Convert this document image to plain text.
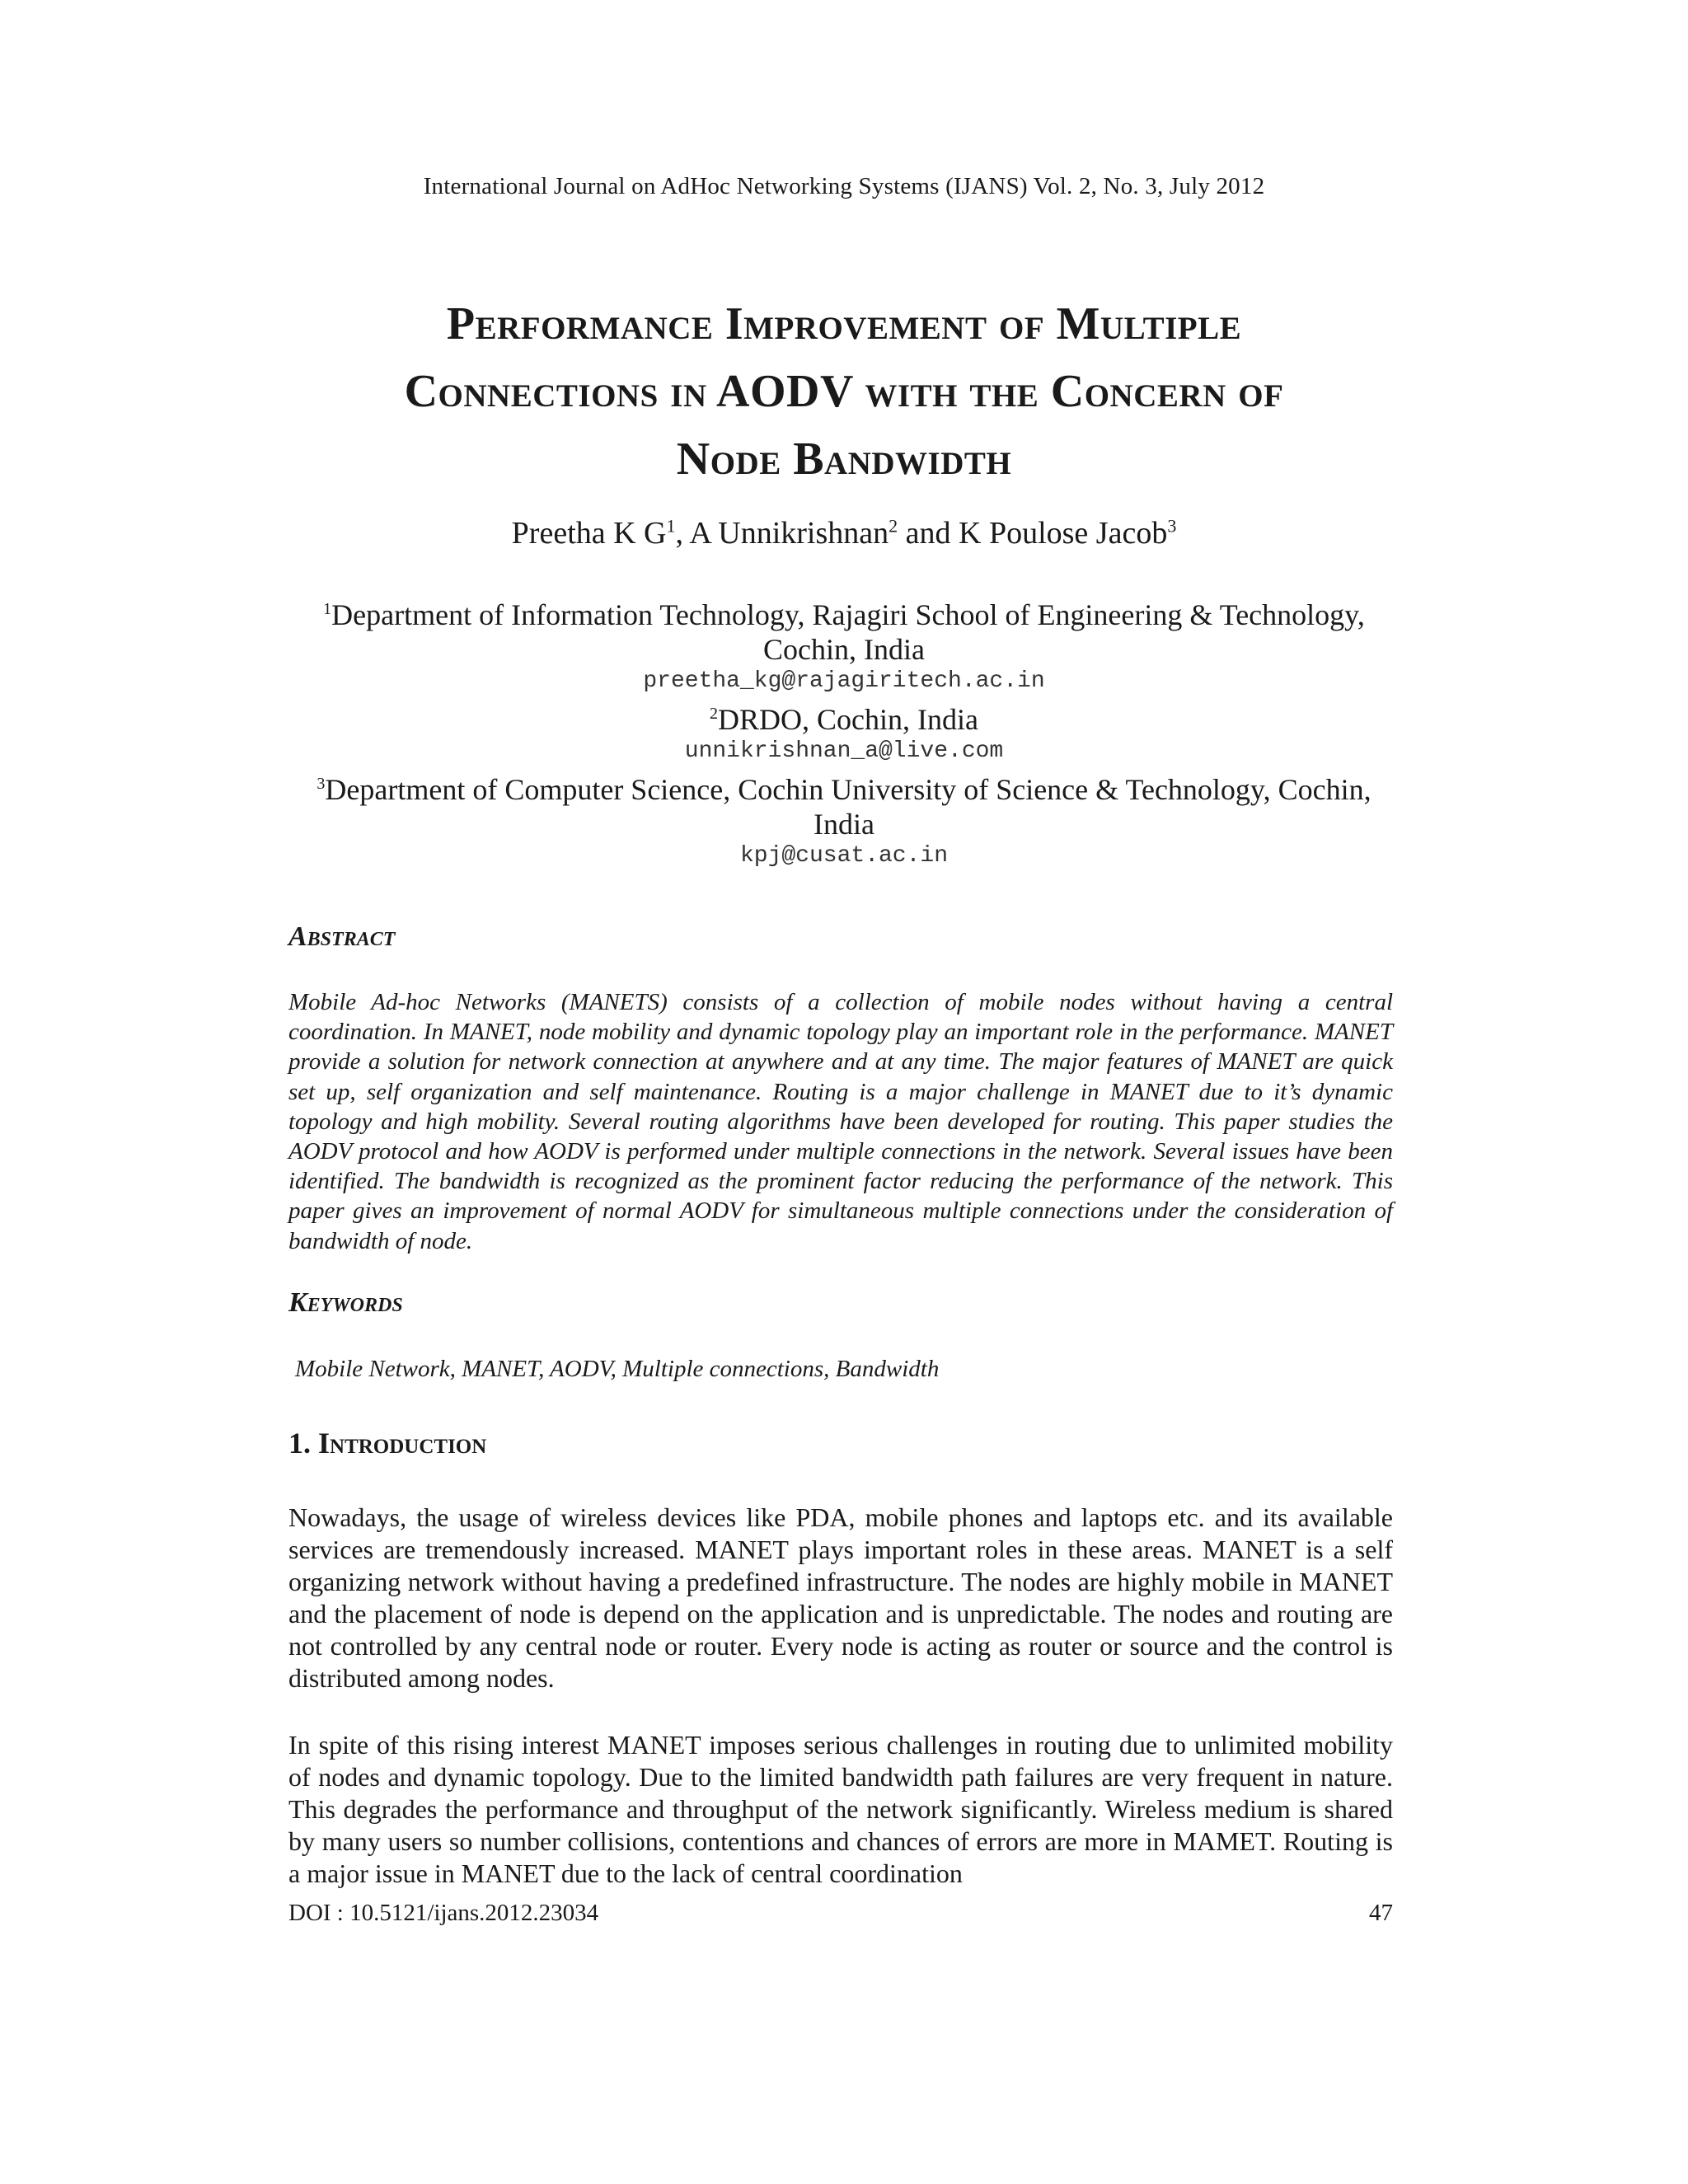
International Journal on AdHoc Networking Systems (IJANS) Vol. 2, No. 3, July 2012
Performance Improvement of Multiple
Connections in AODV with the Concern of
Node Bandwidth
Preetha K $G^1$, A Unnikrishnan$^2$ and K Poulose Jacob$^3$
$^1$Department of Information Technology, Rajagiri School of Engineering & Technology,
Cochin, India
preetha_kg@rajagiritech.ac.in
$^2$DRDO, Cochin, India
unnikrishnan_a@live.com
$^3$Department of Computer Science, Cochin University of Science & Technology, Cochin,
India
kpj@cusat.ac.in
Abstract
Mobile Ad-hoc Networks (MANETS) consists of a collection of mobile nodes without having a central coordination. In MANET, node mobility and dynamic topology play an important role in the performance. MANET provide a solution for network connection at anywhere and at any time. The major features of MANET are quick set up, self organization and self maintenance. Routing is a major challenge in MANET due to it’s dynamic topology and high mobility. Several routing algorithms have been developed for routing. This paper studies the AODV protocol and how AODV is performed under multiple connections in the network. Several issues have been identified. The bandwidth is recognized as the prominent factor reducing the performance of the network. This paper gives an improvement of normal AODV for simultaneous multiple connections under the consideration of bandwidth of node.
Keywords
Mobile Network, MANET, AODV, Multiple connections, Bandwidth
1. Introduction
Nowadays, the usage of wireless devices like PDA, mobile phones and laptops etc. and its available services are tremendously increased. MANET plays important roles in these areas. MANET is a self organizing network without having a predefined infrastructure. The nodes are highly mobile in MANET and the placement of node is depend on the application and is unpredictable. The nodes and routing are not controlled by any central node or router. Every node is acting as router or source and the control is distributed among nodes.
In spite of this rising interest MANET imposes serious challenges in routing due to unlimited mobility of nodes and dynamic topology. Due to the limited bandwidth path failures are very frequent in nature. This degrades the performance and throughput of the network significantly. Wireless medium is shared by many users so number collisions, contentions and chances of errors are more in MAMET. Routing is a major issue in MANET due to the lack of central coordination
DOI : 10.5121/ijans.2012.23034	47
